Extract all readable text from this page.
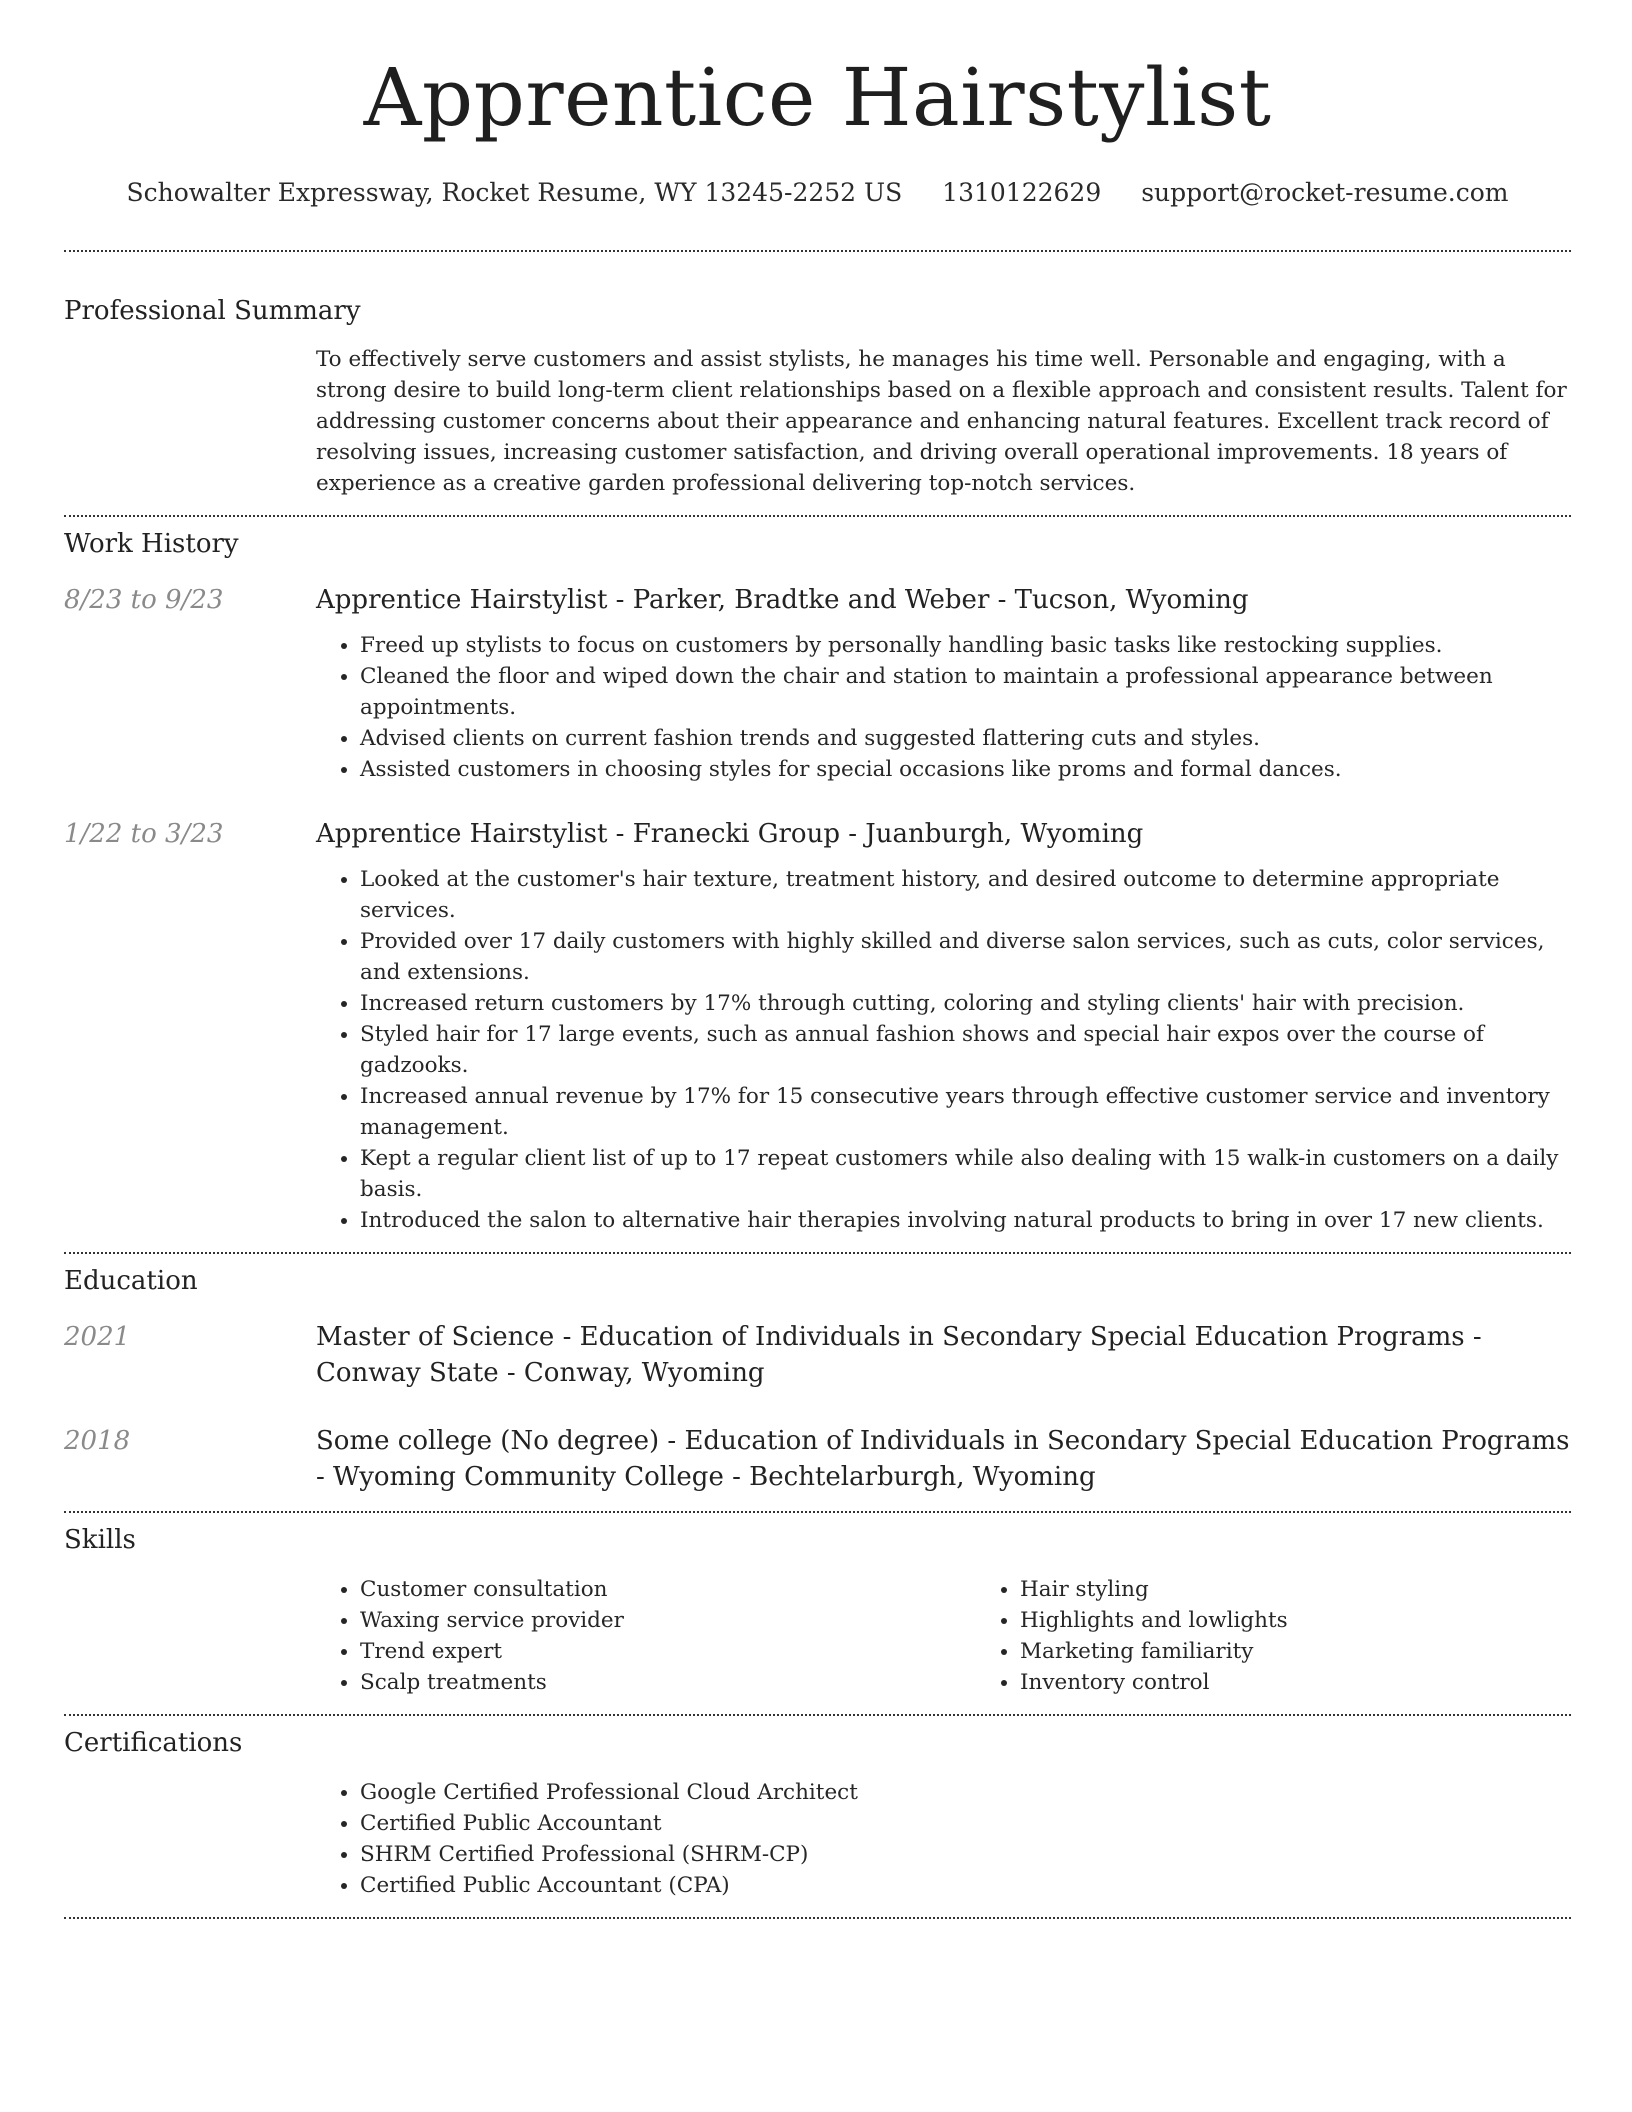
Apprentice Hairstylist
Schowalter Expressway, Rocket Resume, WY 13245-2252 US 1310122629 support@rocket-resume.com
Professional Summary
To effectively serve customers and assist stylists, he manages his time well. Personable and engaging, with a strong desire to build long-term client relationships based on a flexible approach and consistent results. Talent for addressing customer concerns about their appearance and enhancing natural features. Excellent track record of resolving issues, increasing customer satisfaction, and driving overall operational improvements. 18 years of experience as a creative garden professional delivering top-notch services.
Work History
8/23 to 9/23	Apprentice Hairstylist - Parker, Bradtke and Weber - Tucson, Wyoming
• Freed up stylists to focus on customers by personally handling basic tasks like restocking supplies.
• Cleaned the floor and wiped down the chair and station to maintain a professional appearance between appointments.
• Advised clients on current fashion trends and suggested flattering cuts and styles.
• Assisted customers in choosing styles for special occasions like proms and formal dances.
1/22 to 3/23	Apprentice Hairstylist - Franecki Group - Juanburgh, Wyoming
• Looked at the customer's hair texture, treatment history, and desired outcome to determine appropriate services.
• Provided over 17 daily customers with highly skilled and diverse salon services, such as cuts, color services, and extensions.
• Increased return customers by 17% through cutting, coloring and styling clients' hair with precision.
• Styled hair for 17 large events, such as annual fashion shows and special hair expos over the course of gadzooks.
• Increased annual revenue by 17% for 15 consecutive years through effective customer service and inventory management.
• Kept a regular client list of up to 17 repeat customers while also dealing with 15 walk-in customers on a daily basis.
• Introduced the salon to alternative hair therapies involving natural products to bring in over 17 new clients.
Education
2021	Master of Science - Education of Individuals in Secondary Special Education Programs - Conway State - Conway, Wyoming
2018	Some college (No degree) - Education of Individuals in Secondary Special Education Programs - Wyoming Community College - Bechtelarburgh, Wyoming
Skills
• Customer consultation
• Waxing service provider
• Trend expert
• Scalp treatments
• Hair styling
• Highlights and lowlights
• Marketing familiarity
• Inventory control
Certifications
• Google Certified Professional Cloud Architect
• Certified Public Accountant
• SHRM Certified Professional (SHRM-CP)
• Certified Public Accountant (CPA)
